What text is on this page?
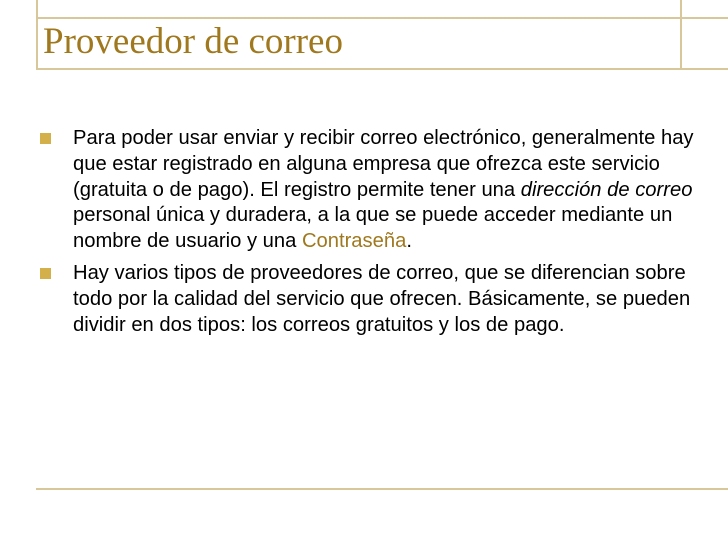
Proveedor de correo
Para poder usar enviar y recibir correo electrónico, generalmente hay que estar registrado en alguna empresa que ofrezca este servicio (gratuita o de pago). El registro permite tener una dirección de correo personal única y duradera, a la que se puede acceder mediante un nombre de usuario y una Contraseña.
Hay varios tipos de proveedores de correo, que se diferencian sobre todo por la calidad del servicio que ofrecen. Básicamente, se pueden dividir en dos tipos: los correos gratuitos y los de pago.
